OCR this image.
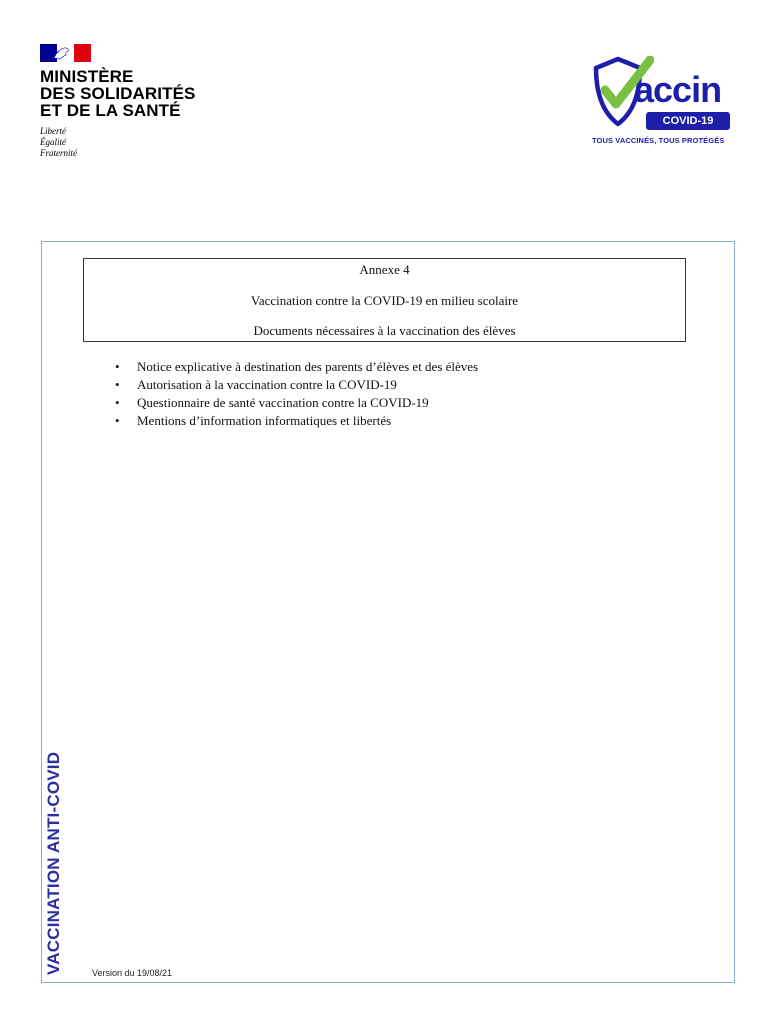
MINISTÈRE
DES SOLIDARITÉS
ET DE LA SANTÉ
Liberté
Égalité
Fraternité
accin
COVID-19
TOUS VACCINÉS, TOUS PROTÉGÉS
VACCINATION ANTI-COVID
Annexe 4
Vaccination contre la COVID-19 en milieu scolaire
Documents nécessaires à la vaccination des élèves
• Notice explicative à destination des parents d’élèves et des élèves
• Autorisation à la vaccination contre la COVID-19
• Questionnaire de santé vaccination contre la COVID-19
• Mentions d’information informatiques et libertés
Version du 19/08/21
